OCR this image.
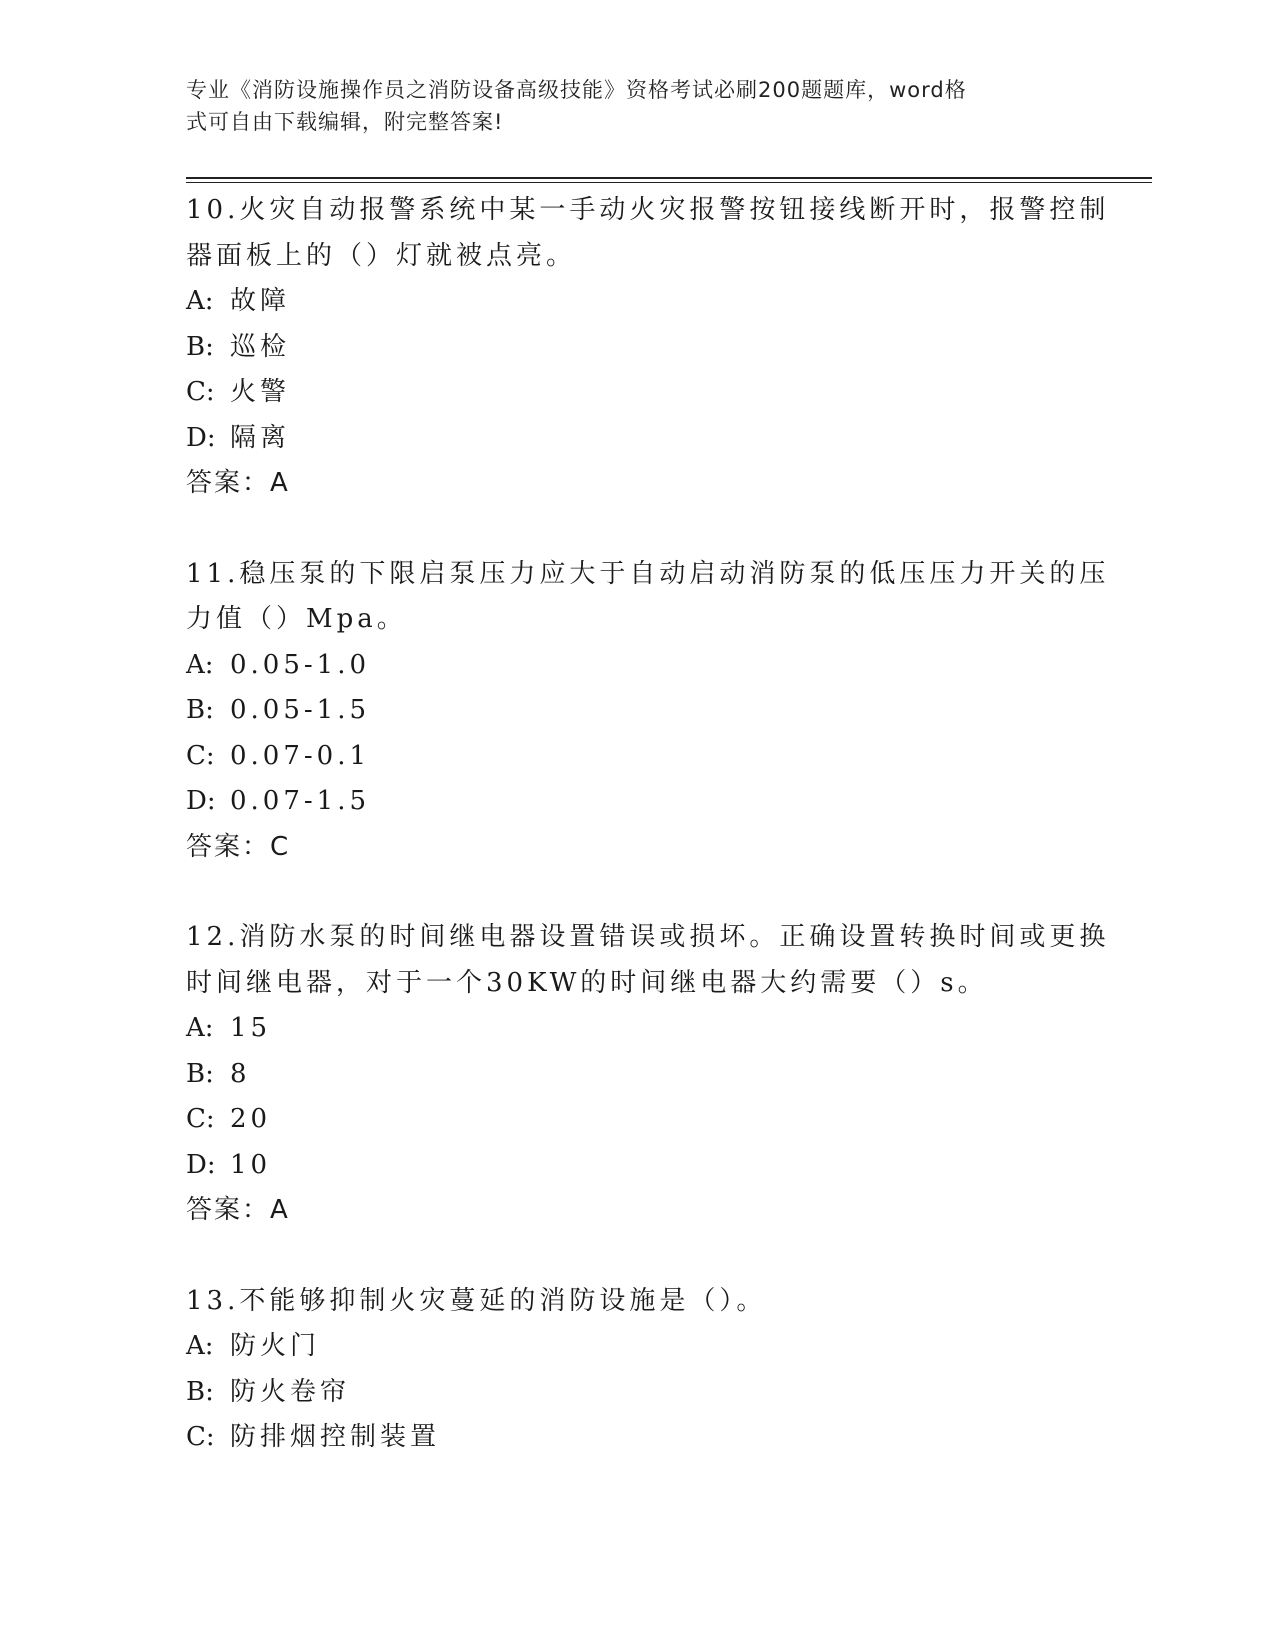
专业《消防设施操作员之消防设备高级技能》资格考试必刷200题题库，word格
式可自由下载编辑，附完整答案!
10.火灾自动报警系统中某一手动火灾报警按钮接线断开时，报警控制
器面板上的（）灯就被点亮。
A: 故障
B: 巡检
C: 火警
D: 隔离
答案：A
11.稳压泵的下限启泵压力应大于自动启动消防泵的低压压力开关的压
力值（）Mpa。
A: 0.05-1.0
B: 0.05-1.5
C: 0.07-0.1
D: 0.07-1.5
答案：C
12.消防水泵的时间继电器设置错误或损坏。正确设置转换时间或更换
时间继电器，对于一个30KW的时间继电器大约需要（）s。
A: 15
B: 8
C: 20
D: 10
答案：A
13.不能够抑制火灾蔓延的消防设施是（）。
A: 防火门
B: 防火卷帘
C: 防排烟控制装置
